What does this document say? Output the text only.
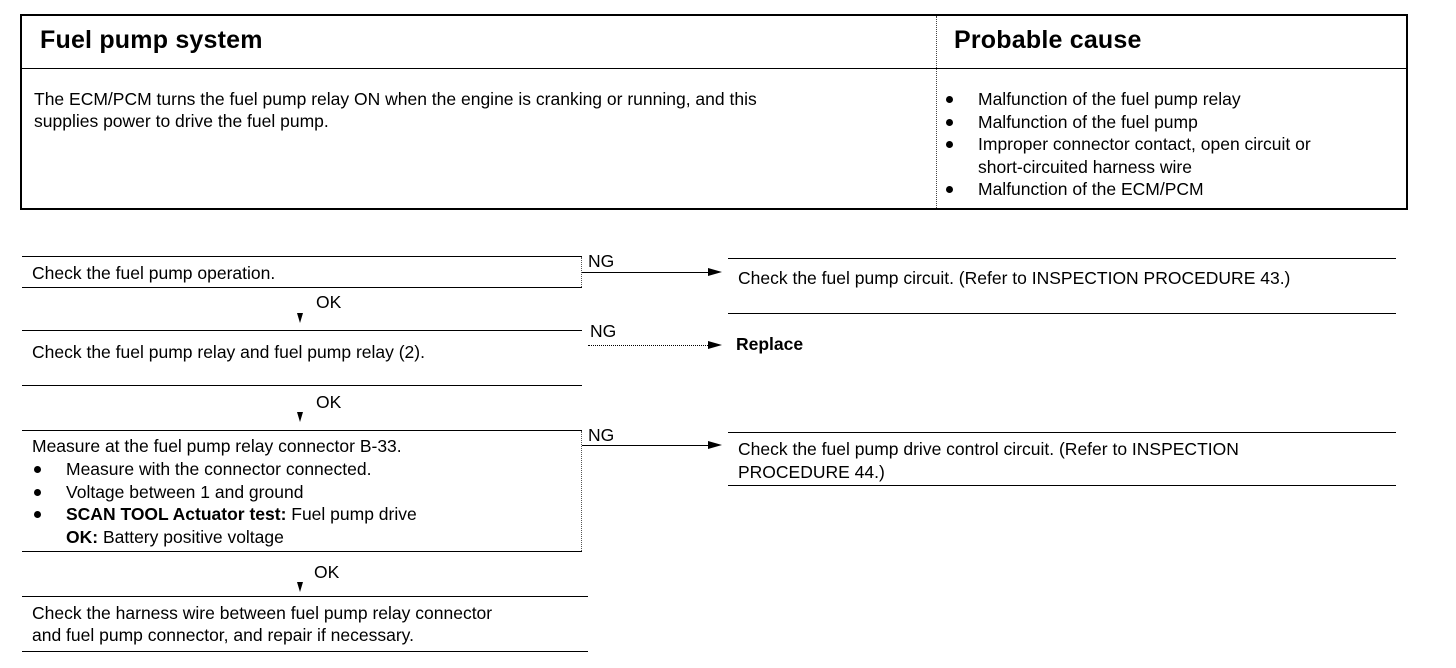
Fuel pump system	Probable cause
The ECM/PCM turns the fuel pump relay ON when the engine is cranking or running, and this
supplies power to drive the fuel pump.
Malfunction of the fuel pump relay
Malfunction of the fuel pump
Improper connector contact, open circuit or
short-circuited harness wire
Malfunction of the ECM/PCM
Check the fuel pump operation.
NG
Check the fuel pump circuit. (Refer to INSPECTION PROCEDURE 43.)
OK
Check the fuel pump relay and fuel pump relay (2).
NG
Replace
OK
Measure at the fuel pump relay connector B-33.
Measure with the connector connected.
Voltage between 1 and ground
SCAN TOOL Actuator test: Fuel pump drive
OK: Battery positive voltage
NG
Check the fuel pump drive control circuit. (Refer to INSPECTION
PROCEDURE 44.)
OK
Check the harness wire between fuel pump relay connector
and fuel pump connector, and repair if necessary.
